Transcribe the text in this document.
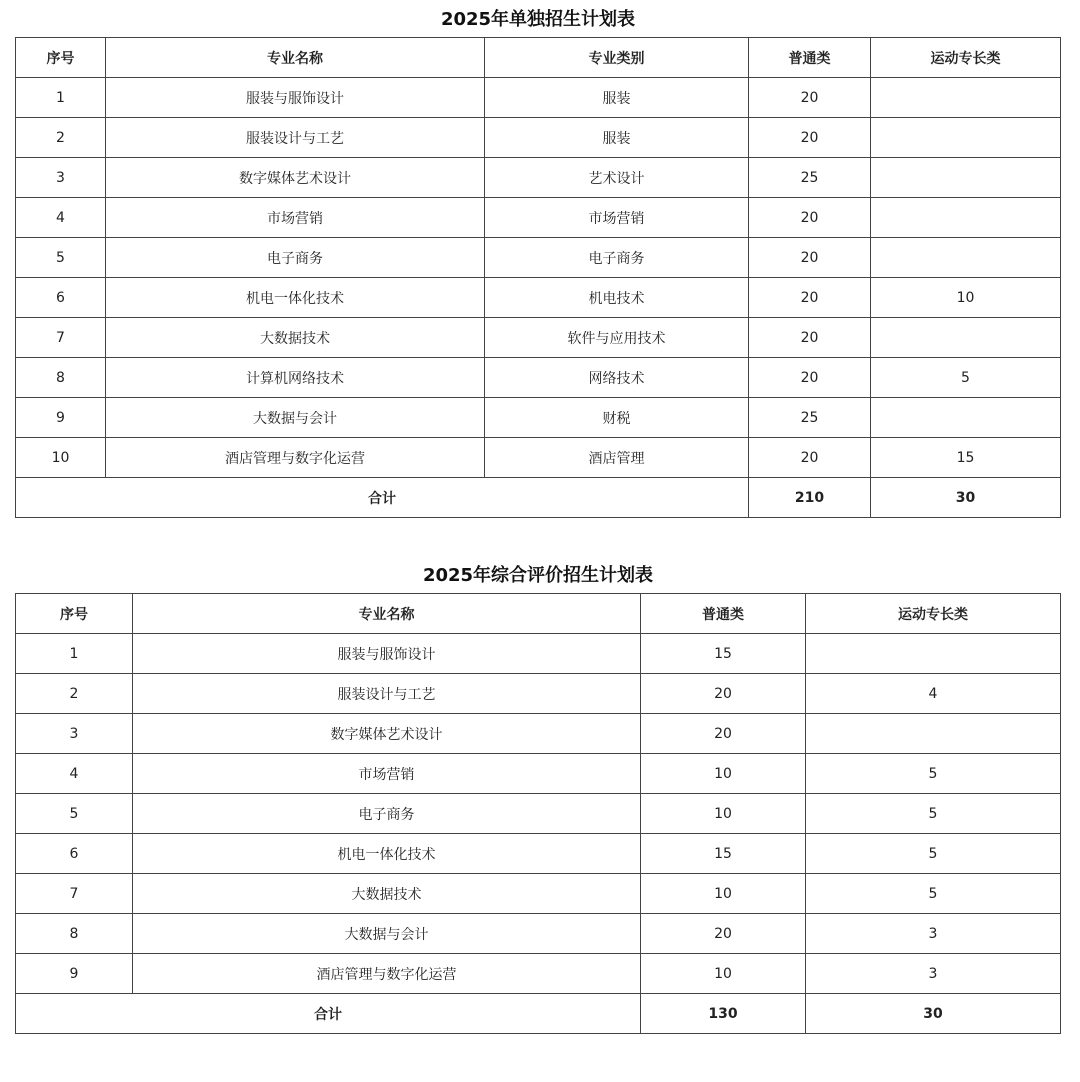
2025年单独招生计划表
序号	专业名称	专业类别	普通类	运动专长类
1	服装与服饰设计	服装	20	
2	服装设计与工艺	服装	20	
3	数字媒体艺术设计	艺术设计	25	
4	市场营销	市场营销	20	
5	电子商务	电子商务	20	
6	机电一体化技术	机电技术	20	10
7	大数据技术	软件与应用技术	20	
8	计算机网络技术	网络技术	20	5
9	大数据与会计	财税	25	
10	酒店管理与数字化运营	酒店管理	20	15
合计			210	30
2025年综合评价招生计划表
序号	专业名称	普通类	运动专长类
1	服装与服饰设计	15	
2	服装设计与工艺	20	4
3	数字媒体艺术设计	20	
4	市场营销	10	5
5	电子商务	10	5
6	机电一体化技术	15	5
7	大数据技术	10	5
8	大数据与会计	20	3
9	酒店管理与数字化运营	10	3
合计		130	30
